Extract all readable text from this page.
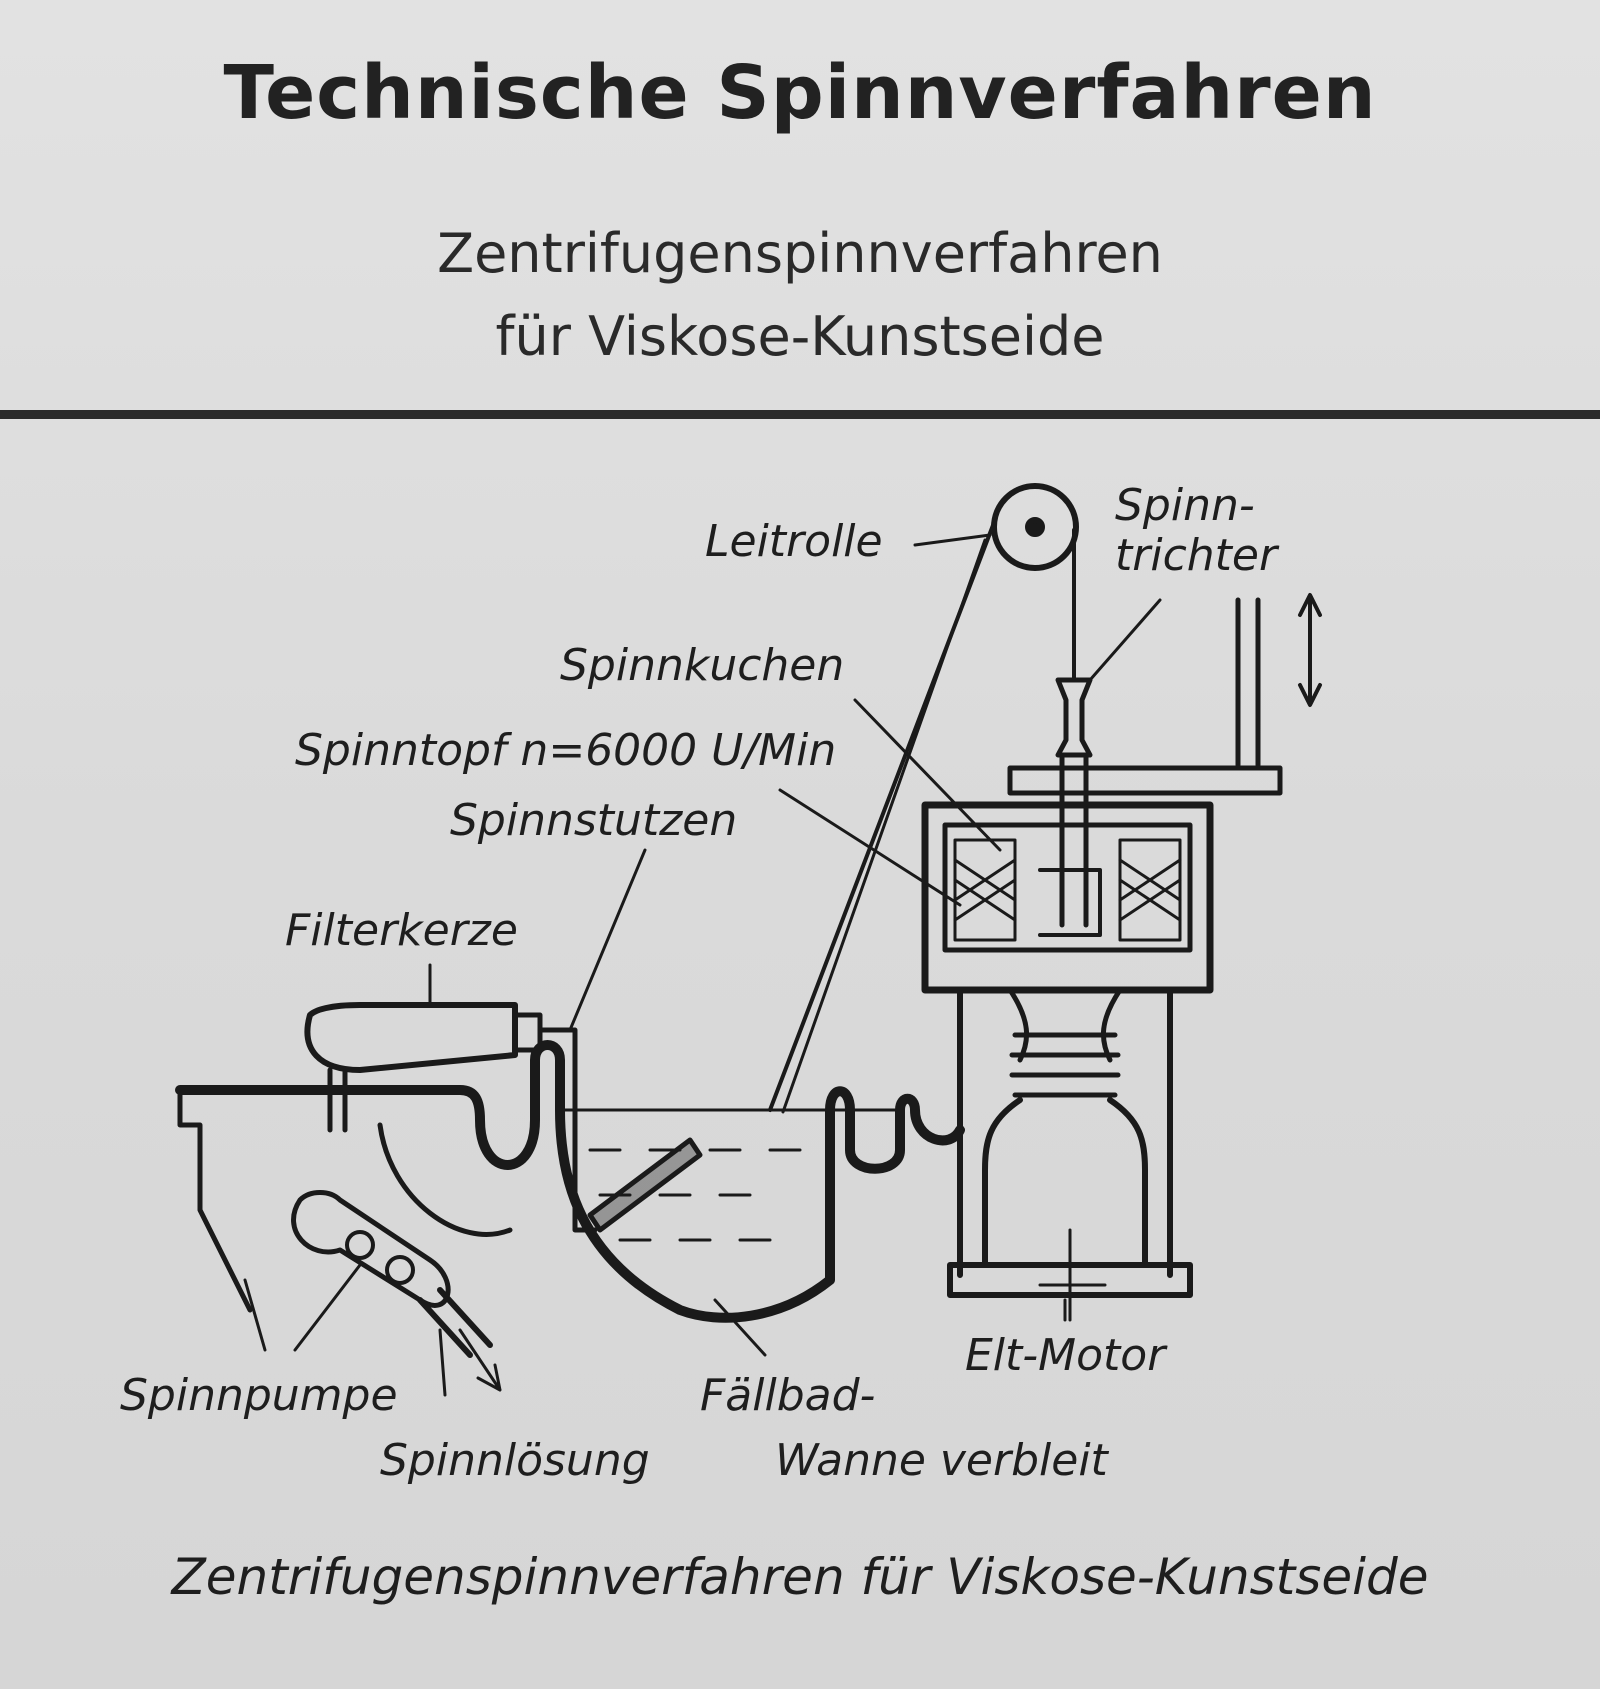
Technische Spinnverfahren
Zentrifugenspinnverfahren
für Viskose-Kunstseide
Leitrolle
Spinn-
trichter
Spinnkuchen
Spinntopf n=6000 U/Min
Spinnstutzen
Filterkerze
Elt-Motor
Spinnpumpe
Spinnlösung
Fällbad-
Wanne verbleit
Zentrifugenspinnverfahren für Viskose-Kunstseide
